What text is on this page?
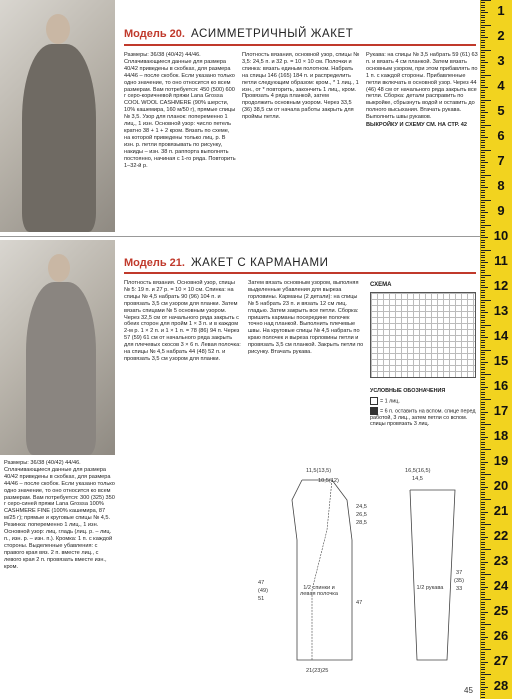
Модель 20. АСИММЕТРИЧНЫЙ ЖАКЕТ

Размеры: 36/38 (40/42) 44/46. Сплачивающиеся данные для размера 40/42 приведены в скобках, для размера 44/46 – после скобок. Если указано только одно значение, то оно относится ко всем размерам. Вам потребуется: 450 (500) 600 г серо-коричневой пряжи Lana Grossa COOL WOOL CASHMERE (90% шерсти, 10% кашемира, 160 м/50 г), прямые спицы № 3,5. Узор для планок: попеременно 1 лиц., 1 изн. Основной узор: число петель кратно 38 + 1 + 2 кром. Вязать по схеме, на которой приведены только лиц. р. В изн. р. петли провязывать по рисунку, накиды – изн. 38 п. раппорта выполнять постоянно, начиная с 1-го ряда. Повторить 1–32-й р.

Плотность вязания, основной узор, спицы № 3,5: 24,5 п. и 32 р. = 10 × 10 см. Полочки и спинка: вязать единым полотном. Набрать на спицы 146 (165) 184 п. и распределить петли следующим образом: кром., * 1 лиц., 1 изн., от * повторить, закончить 1 лиц., кром. Провязать 4 ряда планкой, затем продолжить основным узором. Через 33,5 (36) 38,5 см от начала работы закрыть для проймы петли.

Рукава: на спицы № 3,5 набрать 59 (61) 63 п. и вязать 4 см планкой. Затем вязать основным узором, при этом прибавлять по 1 п. с каждой стороны. Прибавленные петли включать в основной узор. Через 44 (46) 48 см от начального ряда закрыть все петли. Сборка: детали расправить по выкройке, сбрызнуть водой и оставить до полного высыхания. Втачать рукава. Выполнить швы рукавов.

ВЫКРОЙКУ И СХЕМУ СМ. НА СТР. 42

Модель 21. ЖАКЕТ С КАРМАНАМИ

Размеры: 36/38 (40/42) 44/46. Сплачивающиеся данные для размера 40/42 приведены в скобках, для размера 44/46 – после скобок. Если указано только одно значение, то оно относится ко всем размерам. Вам потребуется: 300 (325) 350 г серо-синей пряжи Lana Grossa 100% CASHMERE FINE (100% кашемира, 87 м/25 г); прямые и круговые спицы № 4,5. Резинка: попеременно 1 лиц., 1 изн. Основной узор: лиц. гладь (лиц. р. – лиц. п., изн. р. – изн. п.). Кромка: 1 п. с каждой стороны. Выделенные убавления: с правого края вяз. 2 п. вместе лиц., с левого края 2 п. провязать вместе изн., кром.

Плотность вязания. Основной узор, спицы № 5: 19 п. и 27 р. = 10 × 10 см. Спинка: на спицы № 4,5 набрать 90 (96) 104 п. и провязать 3,5 см узором для планки. Затем вязать спицами № 5 основным узором. Через 32,5 см от начального ряда закрыть с обеих сторон для пройм 1 × 3 п. и в каждом 2-м р. 1 × 2 п. и 1 × 1 п. = 78 (86) 94 п. Через 57 (59) 61 см от начального ряда закрыть для плечевых скосов 3 × 6 п. Левая полочка: на спицы № 4,5 набрать 44 (48) 52 п. и провязать 3,5 см узором для планки.

Затем вязать основным узором, выполняя выделенные убавления для выреза горловины. Карманы (2 детали): на спицы № 5 набрать 23 п. и вязать 12 см лиц. гладью. Затем закрыть все петли. Сборка: пришить карманы посередине полочек точно над планкой. Выполнить плечевые швы. На круговые спицы № 4,5 набрать по краю полочек и выреза горловины петли и провязать 3,5 см планкой. Закрыть петли по рисунку. Втачать рукава.

СХЕМА
УСЛОВНЫЕ ОБОЗНАЧЕНИЯ
= 1 лиц.
= 6 п. оставить на вспом. спице перед работой, 3 лиц., затем петли со вспом. спицы провязать 3 лиц.
11,5(13,5)
10,5(12)
24,5
26,5
28,5
47
(49)
51
47
21(23)25
1/2 спинки и левая полочка
16,5(16,5)
14,5
37
(35)
33
1/2 рукава
45
1
2
3
4
5
6
7
8
9
10
11
12
13
14
15
16
17
18
19
20
21
22
23
24
25
26
27
28
